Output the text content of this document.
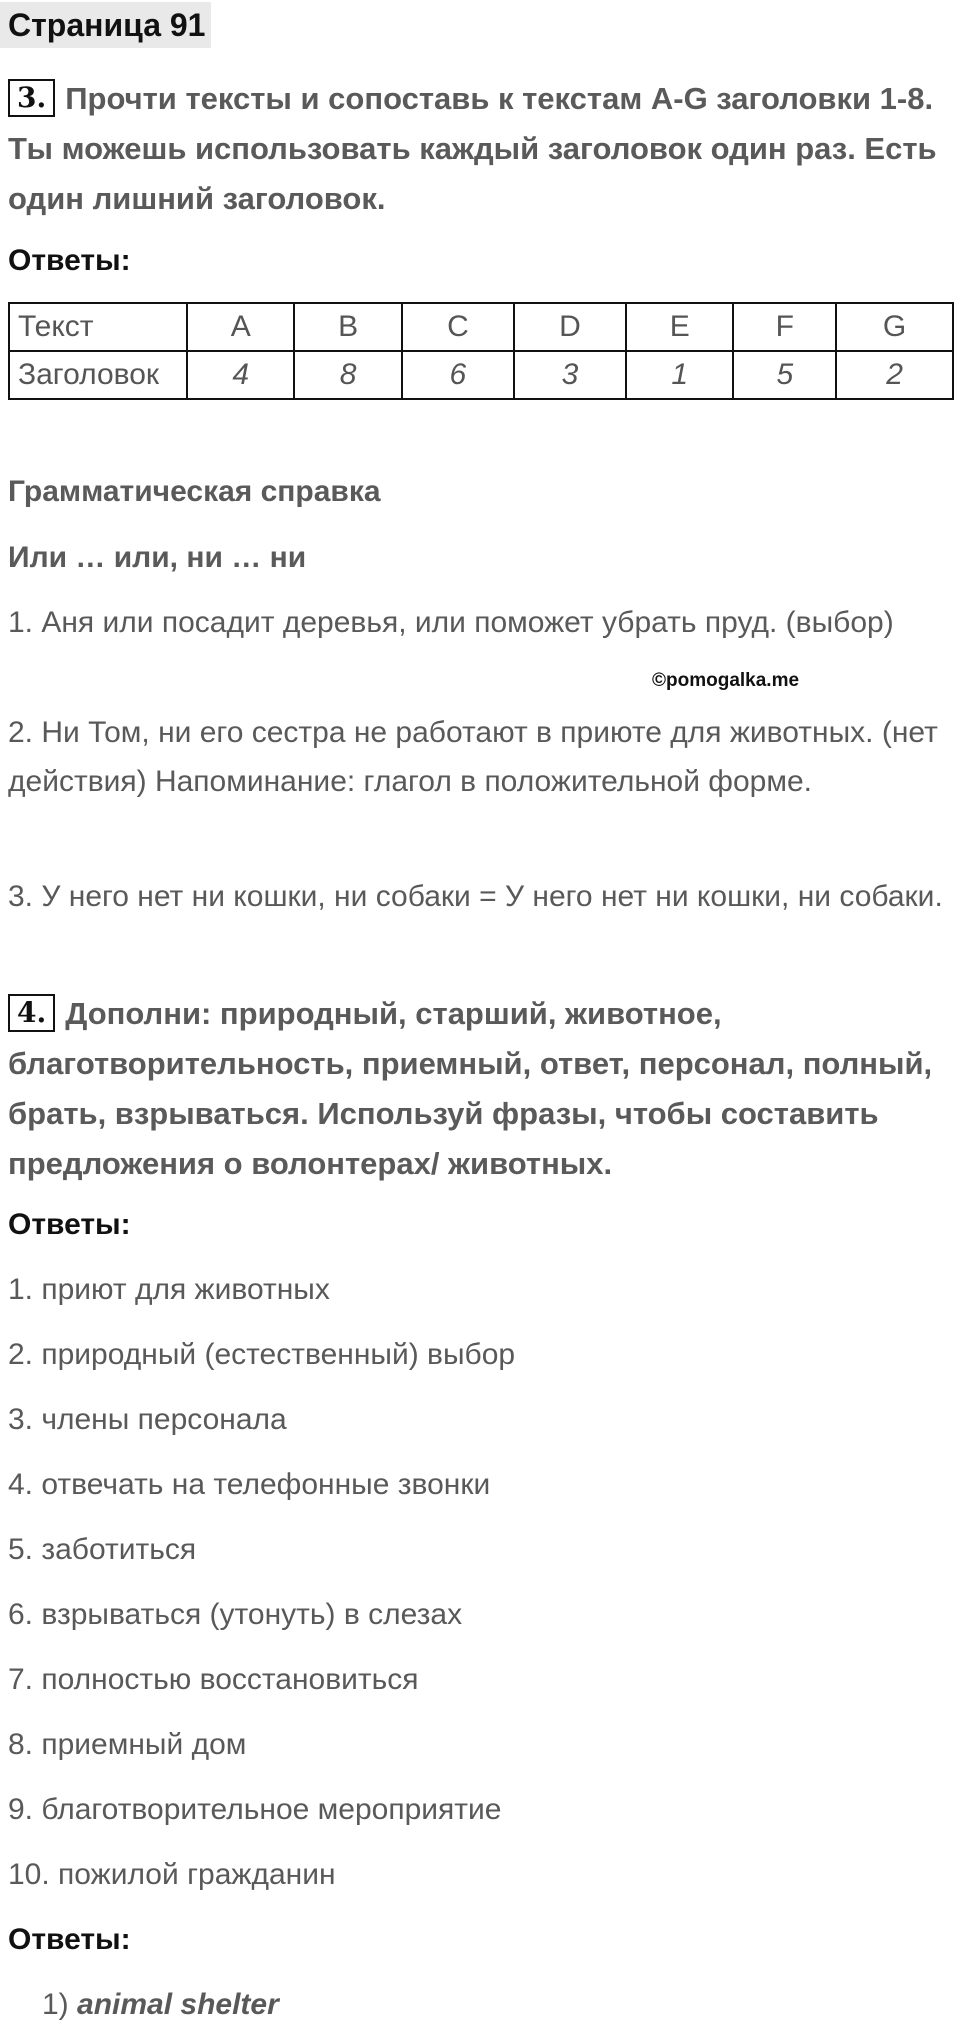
Страница 91
3. Прочти тексты и сопоставь к текстам A-G заголовки 1-8. Ты можешь использовать каждый заголовок один раз. Есть один лишний заголовок.
Ответы:
Текст	A	B	C	D	E	F	G
Заголовок	4	8	6	3	1	5	2
Грамматическая справка
Или … или, ни … ни
1. Аня или посадит деревья, или поможет убрать пруд. (выбор)
©pomogalka.me
2. Ни Том, ни его сестра не работают в приюте для животных. (нет действия) Напоминание: глагол в положительной форме.
3. У него нет ни кошки, ни собаки = У него нет ни кошки, ни собаки.
4. Дополни: природный, старший, животное, благотворительность, приемный, ответ, персонал, полный, брать, взрываться. Используй фразы, чтобы составить предложения о волонтерах/ животных.
Ответы:
1. приют для животных
2. природный (естественный) выбор
3. члены персонала
4. отвечать на телефонные звонки
5. заботиться
6. взрываться (утонуть) в слезах
7. полностью восстановиться
8. приемный дом
9. благотворительное мероприятие
10. пожилой гражданин
Ответы:
1) animal shelter
